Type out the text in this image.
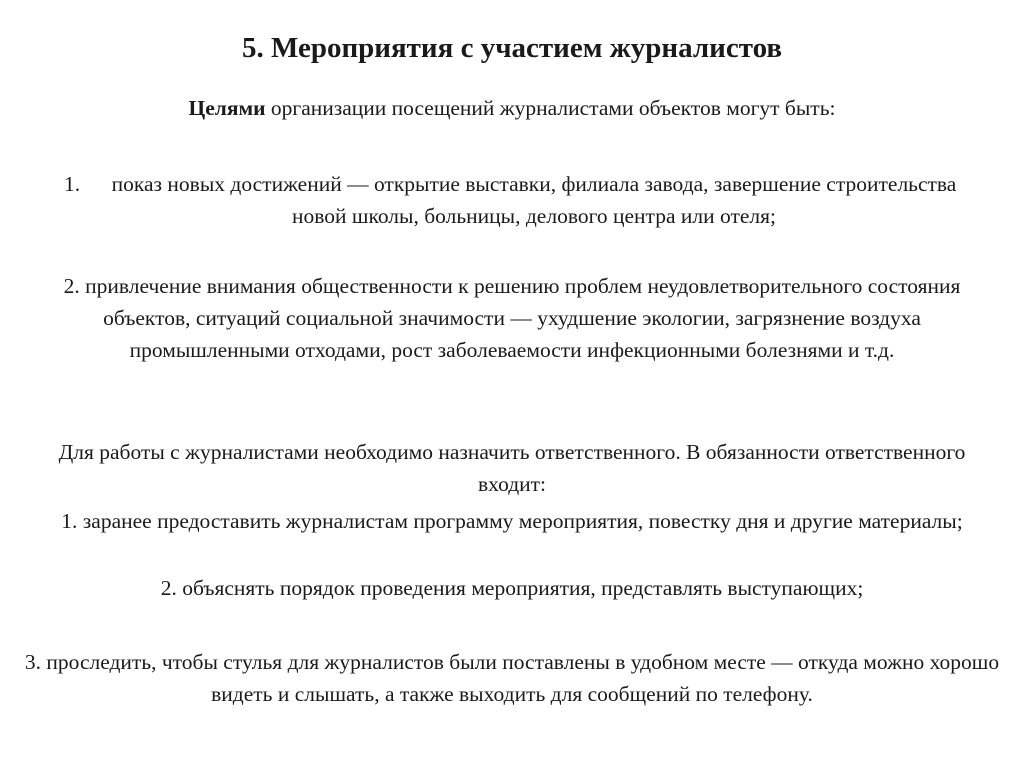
5. Мероприятия с участием журналистов

Целями организации посещений журналистами объектов могут быть:

1.	показ новых достижений — открытие выставки, филиала завода, завершение строительства новой школы, больницы, делового центра или отеля;

2. привлечение внимания общественности к решению проблем неудовлетворительного состояния объектов, ситуаций социальной значимости — ухудшение экологии, загрязнение воздуха промышленными отходами, рост заболеваемости инфекционными болезнями и т.д.

Для работы с журналистами необходимо назначить ответственного. В обязанности ответственного входит:

1. заранее предоставить журналистам программу мероприятия, повестку дня и другие материалы;

2. объяснять порядок проведения мероприятия, представлять выступающих;

3. проследить, чтобы стулья для журналистов были поставлены в удобном месте — откуда можно хорошо видеть и слышать, а также выходить для сообщений по телефону.
